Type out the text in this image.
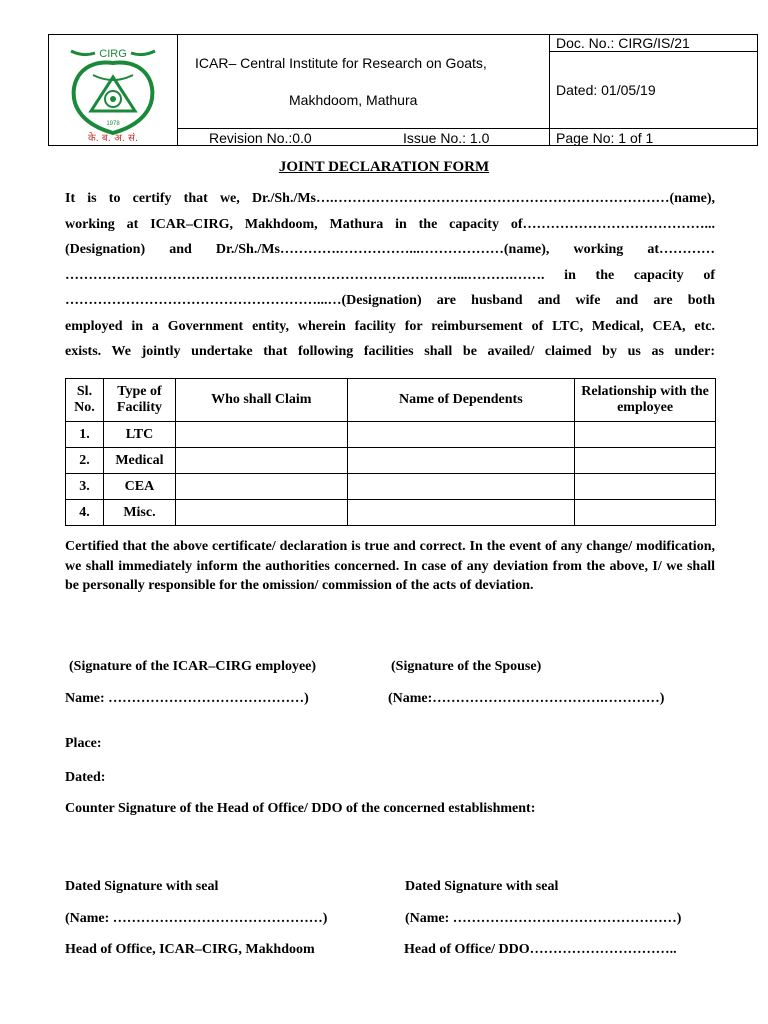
CIRG
1978
के. ब. अ. सं.
ICAR– Central Institute for Research on Goats,
Makhdoom, Mathura
Doc. No.: CIRG/IS/21
Dated: 01/05/19
Revision No.:0.0	Issue No.: 1.0	Page No: 1 of 1
JOINT DECLARATION FORM
It is to certify that we, Dr./Sh./Ms….………………………………………………………………(name),
working at ICAR–CIRG, Makhdoom, Mathura in the capacity of…………………………………...
(Designation) and Dr./Sh./Ms………….……………...………………(name), working at…………
…………………………………………………………………………...……….……. in the capacity of
………………………………………………...…(Designation) are husband and wife and are both
employed in a Government entity, wherein facility for reimbursement of LTC, Medical, CEA, etc.
exists. We jointly undertake that following facilities shall be availed/ claimed by us as under:
Sl. No.	Type of Facility	Who shall Claim	Name of Dependents	Relationship with the employee
1.	LTC			
2.	Medical			
3.	CEA			
4.	Misc.			
Certified that the above certificate/ declaration is true and correct. In the event of any change/ modification, we shall immediately inform the authorities concerned. In case of any deviation from the above, I/ we shall be personally responsible for the omission/ commission of the acts of deviation.
(Signature of the ICAR–CIRG employee)	(Signature of the Spouse)
Name: ……………………………………)	(Name:……………………………….…………)
Place:
Dated:
Counter Signature of the Head of Office/ DDO of the concerned establishment:
Dated Signature with seal	Dated Signature with seal
(Name: ………………………………………)	(Name: …………………………………………)
Head of Office, ICAR–CIRG, Makhdoom	Head of Office/ DDO…………………………..
